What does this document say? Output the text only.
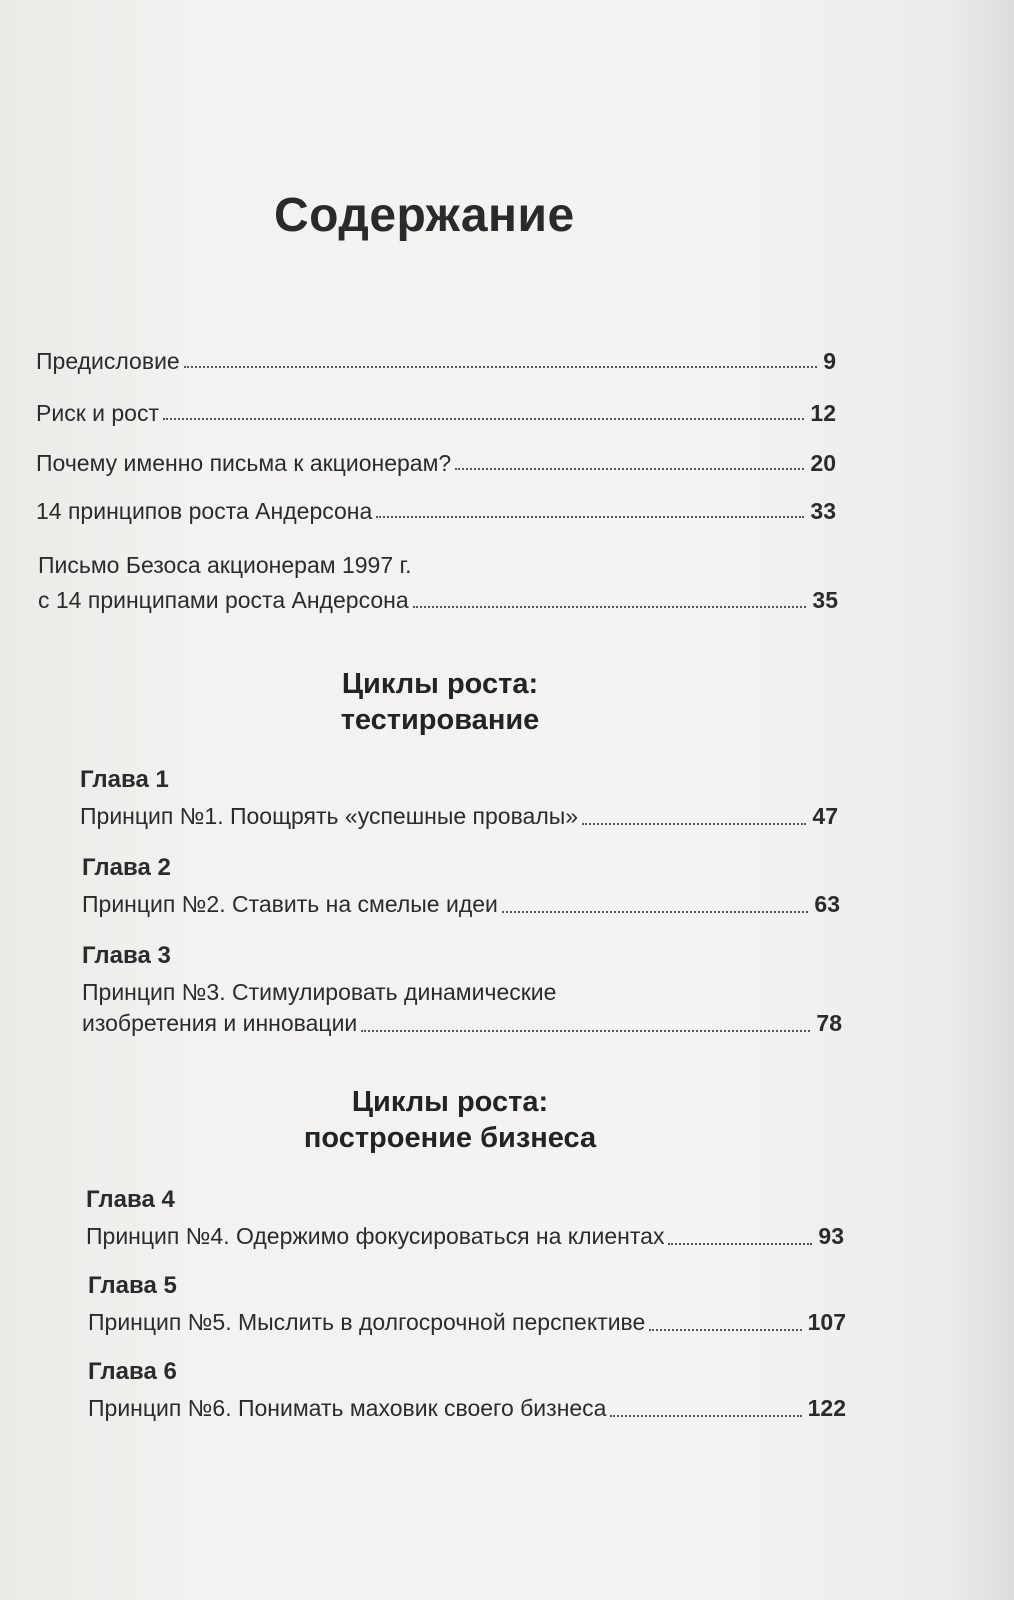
Содержание
Предисловие	9
Риск и рост	12
Почему именно письма к акционерам?	20
14 принципов роста Андерсона	33
Письмо Безоса акционерам 1997 г.
с 14 принципами роста Андерсона	35
Циклы роста:
тестирование
Глава 1
Принцип №1. Поощрять «успешные провалы»	47
Глава 2
Принцип №2. Ставить на смелые идеи	63
Глава 3
Принцип №3. Стимулировать динамические
изобретения и инновации	78
Циклы роста:
построение бизнеса
Глава 4
Принцип №4. Одержимо фокусироваться на клиентах	93
Глава 5
Принцип №5. Мыслить в долгосрочной перспективе	107
Глава 6
Принцип №6. Понимать маховик своего бизнеса	122
